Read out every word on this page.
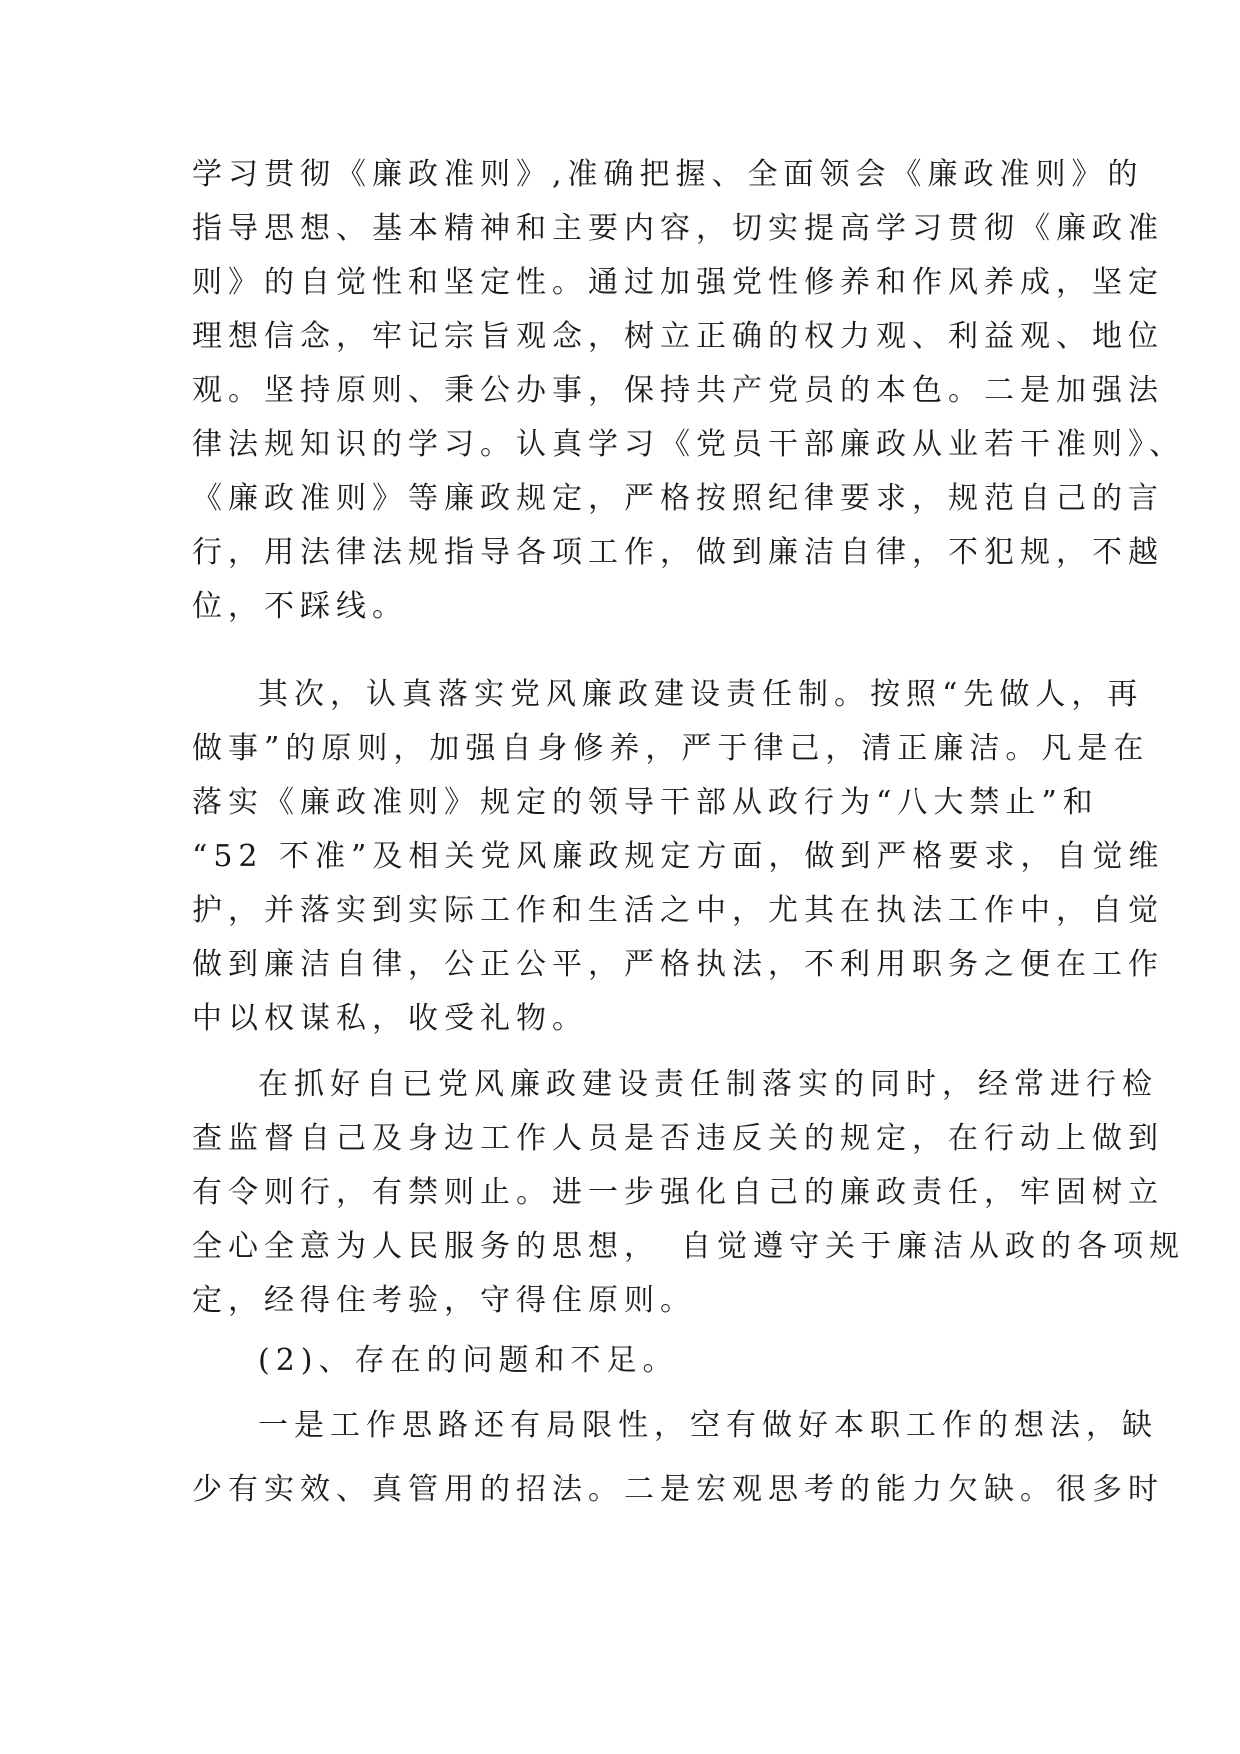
学习贯彻《廉政准则》,准确把握、全面领会《廉政准则》的
指导思想、基本精神和主要内容，切实提高学习贯彻《廉政准
则》的自觉性和坚定性。通过加强党性修养和作风养成，坚定
理想信念，牢记宗旨观念，树立正确的权力观、利益观、地位
观。坚持原则、秉公办事，保持共产党员的本色。二是加强法
律法规知识的学习。认真学习《党员干部廉政从业若干准则》、
《廉政准则》等廉政规定，严格按照纪律要求，规范自己的言
行，用法律法规指导各项工作，做到廉洁自律，不犯规，不越
位，不踩线。

其次，认真落实党风廉政建设责任制。按照“先做人，再
做事”的原则，加强自身修养，严于律己，清正廉洁。凡是在
落实《廉政准则》规定的领导干部从政行为“八大禁止”和
“52 不准”及相关党风廉政规定方面，做到严格要求，自觉维
护，并落实到实际工作和生活之中，尤其在执法工作中，自觉
做到廉洁自律，公正公平，严格执法，不利用职务之便在工作
中以权谋私，收受礼物。

在抓好自已党风廉政建设责任制落实的同时，经常进行检
查监督自己及身边工作人员是否违反关的规定，在行动上做到
有令则行，有禁则止。进一步强化自己的廉政责任，牢固树立
全心全意为人民服务的思想，　自觉遵守关于廉洁从政的各项规
定，经得住考验，守得住原则。

(2)、存在的问题和不足。

一是工作思路还有局限性，空有做好本职工作的想法，缺
少有实效、真管用的招法。二是宏观思考的能力欠缺。很多时
